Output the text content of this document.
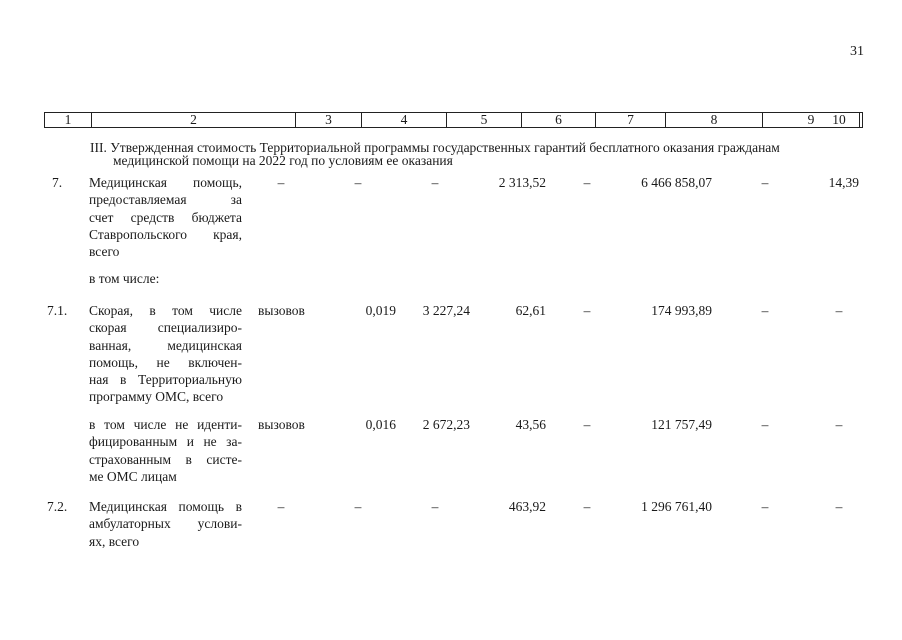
31
1	2	3	4	5	6	7	8	9	10
III. Утвержденная стоимость Территориальной программы государственных гарантий бесплатного оказания гражданам
медицинской помощи на 2022 год по условиям ее оказания
7. Медицинская помощь,
предоставляемая за
счет средств бюджета
Ставропольского края,
всего
–	–	–	2 313,52	–	6 466 858,07	–	14,39
в том числе:
7.1. Скорая, в том числе
скорая специализиро-
ванная, медицинская
помощь, не включен-
ная в Территориальную
программу ОМС, всего
вызовов	0,019	3 227,24	62,61	–	174 993,89	–	–
в том числе не иденти-
фицированным и не за-
страхованным в систе-
ме ОМС лицам
вызовов	0,016	2 672,23	43,56	–	121 757,49	–	–
7.2. Медицинская помощь в
амбулаторных услови-
ях, всего
–	–	–	463,92	–	1 296 761,40	–	–
